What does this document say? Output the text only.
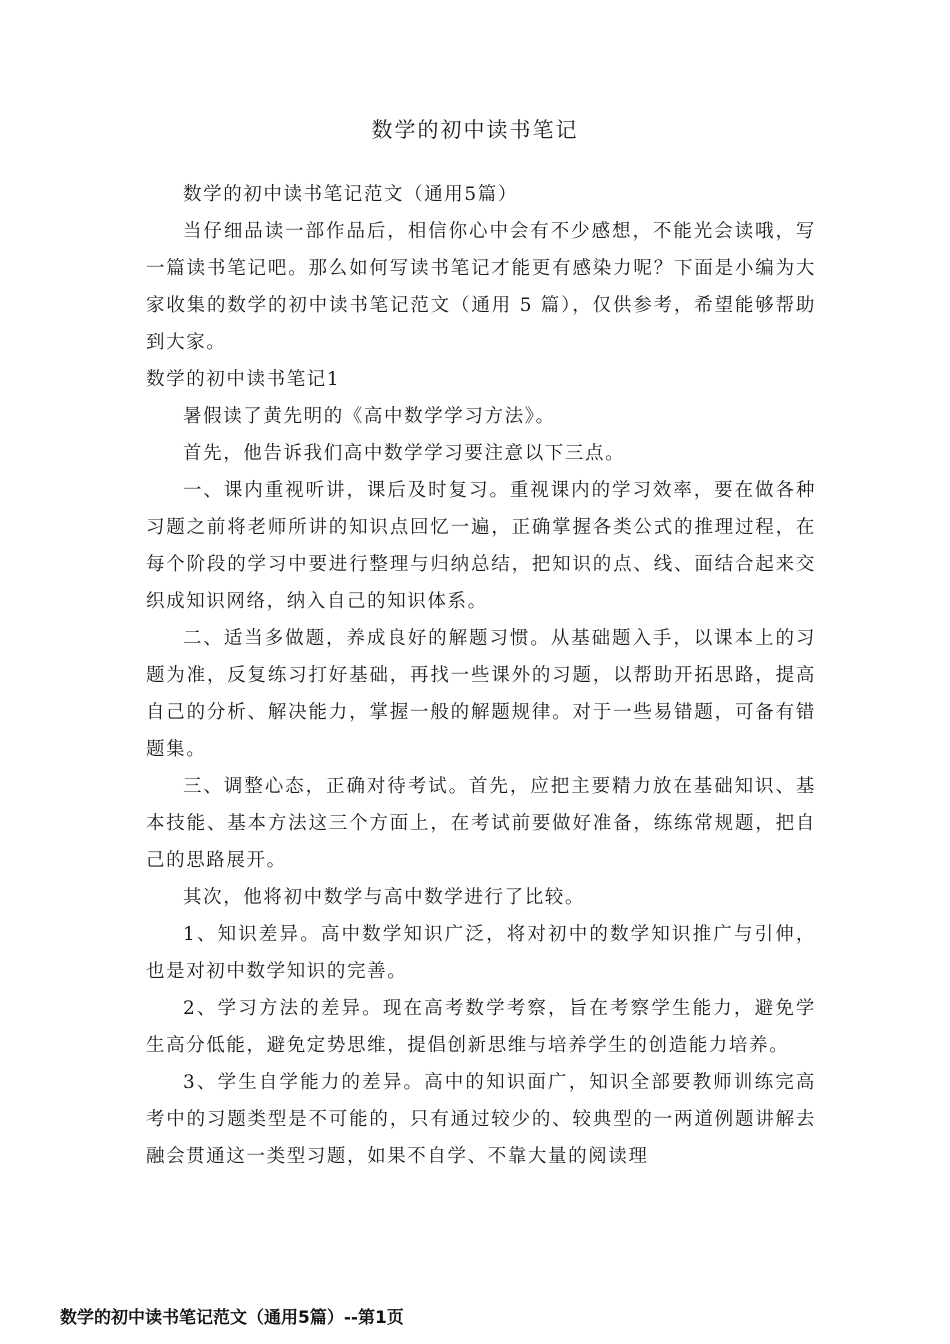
数学的初中读书笔记

数学的初中读书笔记范文（通用5篇）

当仔细品读一部作品后，相信你心中会有不少感想，不能光会读哦，写一篇读书笔记吧。那么如何写读书笔记才能更有感染力呢？下面是小编为大家收集的数学的初中读书笔记范文（通用 5 篇），仅供参考，希望能够帮助到大家。

数学的初中读书笔记1

暑假读了黄先明的《高中数学学习方法》。

首先，他告诉我们高中数学学习要注意以下三点。

一、课内重视听讲，课后及时复习。重视课内的学习效率，要在做各种习题之前将老师所讲的知识点回忆一遍，正确掌握各类公式的推理过程，在每个阶段的学习中要进行整理与归纳总结，把知识的点、线、面结合起来交织成知识网络，纳入自己的知识体系。

二、适当多做题，养成良好的解题习惯。从基础题入手，以课本上的习题为准，反复练习打好基础，再找一些课外的习题，以帮助开拓思路，提高自己的分析、解决能力，掌握一般的解题规律。对于一些易错题，可备有错题集。

三、调整心态，正确对待考试。首先，应把主要精力放在基础知识、基本技能、基本方法这三个方面上，在考试前要做好准备，练练常规题，把自己的思路展开。

其次，他将初中数学与高中数学进行了比较。

1、知识差异。高中数学知识广泛，将对初中的数学知识推广与引伸，也是对初中数学知识的完善。

2、学习方法的差异。现在高考数学考察，旨在考察学生能力，避免学生高分低能，避免定势思维，提倡创新思维与培养学生的创造能力培养。

3、学生自学能力的差异。高中的知识面广，知识全部要教师训练完高考中的习题类型是不可能的，只有通过较少的、较典型的一两道例题讲解去融会贯通这一类型习题，如果不自学、不靠大量的阅读理

数学的初中读书笔记范文（通用5篇）--第1页
